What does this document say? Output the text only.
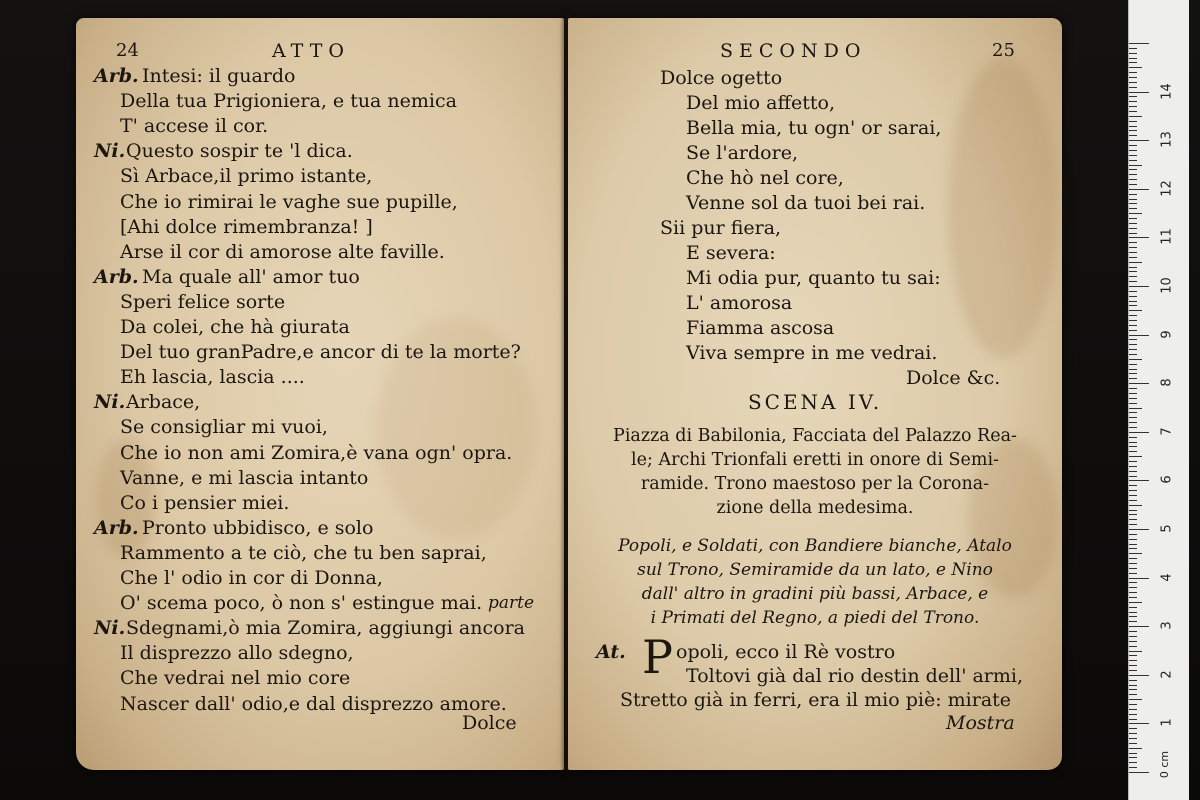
24	ATTO
Dolce
Arb. Intesi: il guardo
Della tua Prigioniera, e tua nemica
T' accese il cor.
Ni. Questo sospir te 'l dica.
Sì Arbace,il primo istante,
Che io rimirai le vaghe sue pupille,
[Ahi dolce rimembranza! ]
Arse il cor di amorose alte faville.
Arb. Ma quale all' amor tuo
Speri felice sorte
Da colei, che hà giurata
Del tuo granPadre,e ancor di te la morte?
Eh lascia, lascia ....
Ni. Arbace,
Se consigliar mi vuoi,
Che io non ami Zomira,è vana ogn' opra.
Vanne, e mi lascia intanto
Co i pensier miei.
Arb. Pronto ubbidisco, e solo
Rammento a te ciò, che tu ben saprai,
Che l' odio in cor di Donna,
O' scema poco, ò non s' estingue mai. parte
Ni. Sdegnami,ò mia Zomira, aggiungi ancora
Il disprezzo allo sdegno,
Che vedrai nel mio core
Nascer dall' odio,e dal disprezzo amore.
SECONDO	25
Dolce &c.
SCENA IV.
At. P
Mostra
Dolce ogetto
Del mio affetto,
Bella mia, tu ogn' or sarai,
Se l'ardore,
Che hò nel core,
Venne sol da tuoi bei rai.
Sii pur fiera,
E severa:
Mi odia pur, quanto tu sai:
L' amorosa
Fiamma ascosa
Viva sempre in me vedrai.
Piazza di Babilonia, Facciata del Palazzo Rea-
le; Archi Trionfali eretti in onore di Semi-
ramide. Trono maestoso per la Corona-
zione della medesima.
Popoli, e Soldati, con Bandiere bianche, Atalo
sul Trono, Semiramide da un lato, e Nino
dall' altro in gradini più bassi, Arbace, e
i Primati del Regno, a piedi del Trono.
opoli, ecco il Rè vostro
Toltovi già dal rio destin dell' armi,
Stretto già in ferri, era il mio piè: mirate
0 cm
1
2
3
4
5
6
7
8
9
10
11
12
13
14
